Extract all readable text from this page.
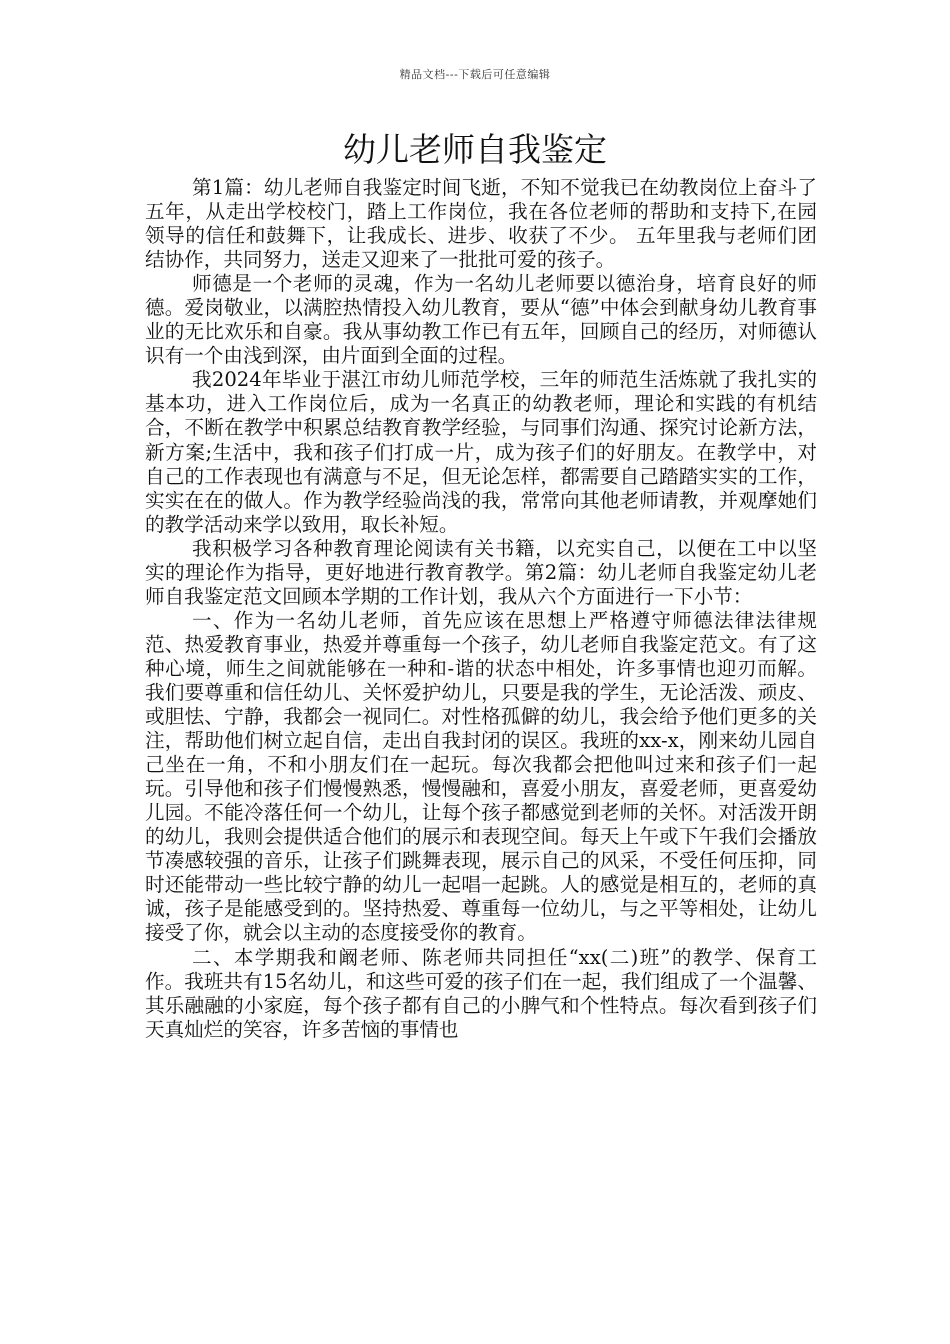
精品文档---下载后可任意编辑
幼儿老师自我鉴定

第1篇：幼儿老师自我鉴定时间飞逝，不知不觉我已在幼教岗位上奋斗了五年，从走出学校校门，踏上工作岗位，我在各位老师的帮助和支持下,在园领导的信任和鼓舞下，让我成长、进步、收获了不少。 五年里我与老师们团结协作，共同努力，送走又迎来了一批批可爱的孩子。

师德是一个老师的灵魂，作为一名幼儿老师要以德治身，培育良好的师德。爱岗敬业，以满腔热情投入幼儿教育，要从“德”中体会到献身幼儿教育事业的无比欢乐和自豪。我从事幼教工作已有五年，回顾自己的经历，对师德认识有一个由浅到深，由片面到全面的过程。

我2024年毕业于湛江市幼儿师范学校，三年的师范生活炼就了我扎实的基本功，进入工作岗位后，成为一名真正的幼教老师，理论和实践的有机结合，不断在教学中积累总结教育教学经验，与同事们沟通、探究讨论新方法，新方案;生活中，我和孩子们打成一片，成为孩子们的好朋友。在教学中，对自己的工作表现也有满意与不足，但无论怎样，都需要自己踏踏实实的工作，实实在在的做人。作为教学经验尚浅的我，常常向其他老师请教，并观摩她们的教学活动来学以致用，取长补短。

我积极学习各种教育理论阅读有关书籍，以充实自己，以便在工中以坚实的理论作为指导，更好地进行教育教学。第2篇：幼儿老师自我鉴定幼儿老师自我鉴定范文回顾本学期的工作计划，我从六个方面进行一下小节：

一、作为一名幼儿老师，首先应该在思想上严格遵守师德法律法律规范、热爱教育事业，热爱并尊重每一个孩子，幼儿老师自我鉴定范文。有了这种心境，师生之间就能够在一种和-谐的状态中相处，许多事情也迎刃而解。我们要尊重和信任幼儿、关怀爱护幼儿，只要是我的学生，无论活泼、顽皮、或胆怯、宁静，我都会一视同仁。对性格孤僻的幼儿，我会给予他们更多的关注，帮助他们树立起自信，走出自我封闭的误区。我班的xx-x，刚来幼儿园自己坐在一角，不和小朋友们在一起玩。每次我都会把他叫过来和孩子们一起玩。引导他和孩子们慢慢熟悉，慢慢融和，喜爱小朋友，喜爱老师，更喜爱幼儿园。不能冷落任何一个幼儿，让每个孩子都感觉到老师的关怀。对活泼开朗的幼儿，我则会提供适合他们的展示和表现空间。每天上午或下午我们会播放节凑感较强的音乐，让孩子们跳舞表现，展示自己的风采，不受任何压抑，同时还能带动一些比较宁静的幼儿一起唱一起跳。人的感觉是相互的，老师的真诚，孩子是能感受到的。坚持热爱、尊重每一位幼儿，与之平等相处，让幼儿接受了你，就会以主动的态度接受你的教育。

二、本学期我和阚老师、陈老师共同担任“xx(二)班”的教学、保育工作。我班共有15名幼儿，和这些可爱的孩子们在一起，我们组成了一个温馨、其乐融融的小家庭，每个孩子都有自己的小脾气和个性特点。每次看到孩子们天真灿烂的笑容，许多苦恼的事情也
